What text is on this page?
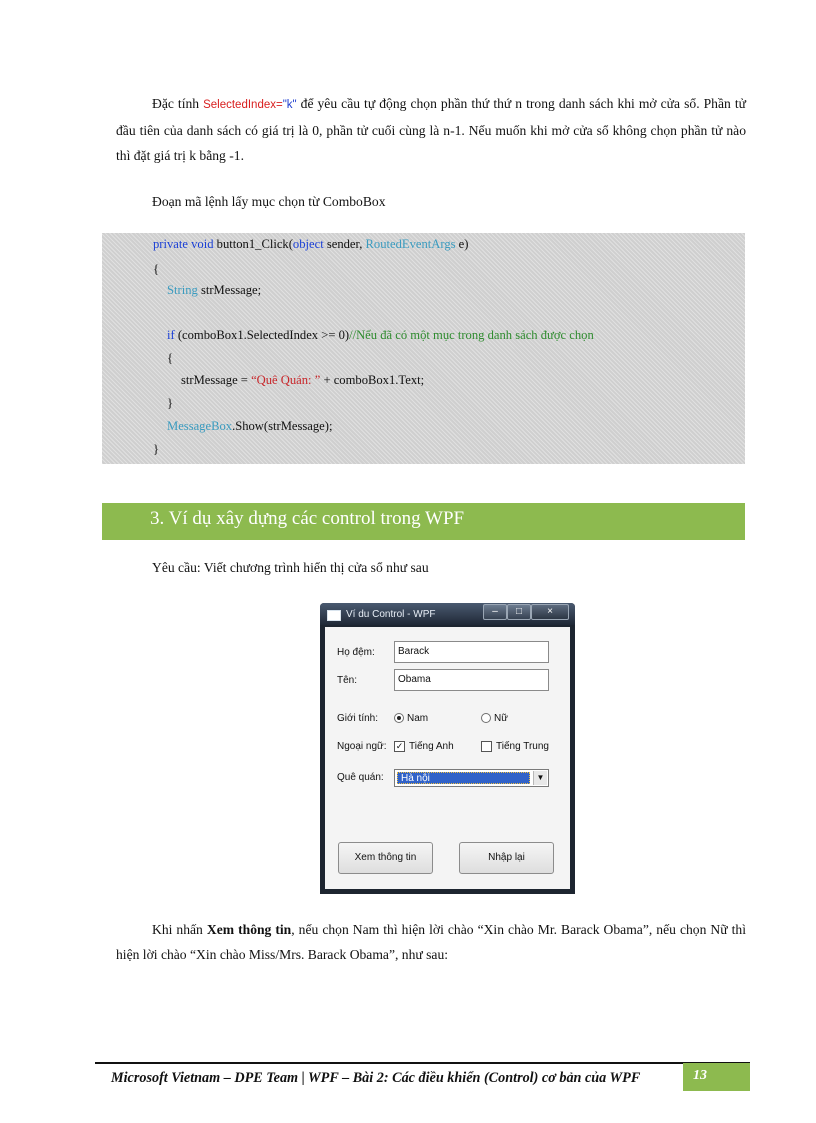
Đặc tính SelectedIndex="k" để yêu cầu tự động chọn phần thứ thứ n trong danh sách khi mở cửa sổ. Phần tử đầu tiên của danh sách có giá trị là 0, phần tử cuối cùng là n-1. Nếu muốn khi mở cửa sổ không chọn phần tử nào thì đặt giá trị k bằng -1.
Đoạn mã lệnh lấy mục chọn từ ComboBox
private void button1_Click(object sender, RoutedEventArgs e)
{
String strMessage;
if (comboBox1.SelectedIndex >= 0)//Nếu đã có một mục trong danh sách được chọn
{
strMessage = “Quê Quán: ” + comboBox1.Text;
}
MessageBox.Show(strMessage);
}
3. Ví dụ xây dựng các control trong WPF
Yêu cầu: Viết chương trình hiển thị cửa sổ như sau
Ví du Control - WPF	–	□	×
Họ đệm:	Barack
Tên:	Obama
Giới tính:	Nam	Nữ
Ngoại ngữ: ✓ Tiếng Anh	Tiếng Trung
Quê quán:	Hà nội	▼
Xem thông tin	Nhập lại
Khi nhấn Xem thông tin, nếu chọn Nam thì hiện lời chào “Xin chào Mr. Barack Obama”, nếu chọn Nữ thì hiện lời chào “Xin chào Miss/Mrs. Barack Obama”, như sau:
Microsoft Vietnam – DPE Team | WPF – Bài 2: Các điều khiển (Control) cơ bản của WPF	13
